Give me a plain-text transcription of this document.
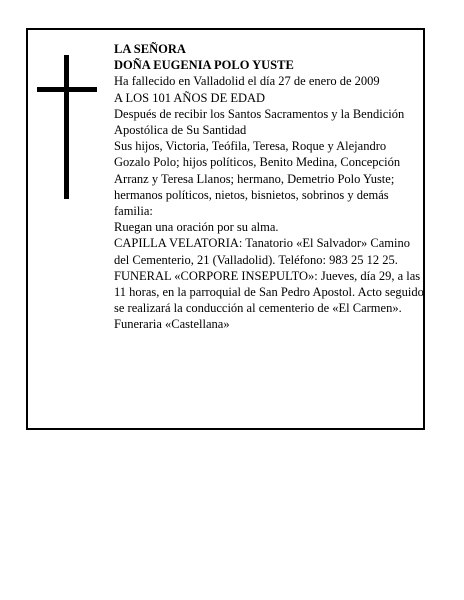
LA SEÑORA

DOÑA EUGENIA POLO YUSTE

Ha fallecido en Valladolid el día 27 de enero de 2009

A LOS 101 AÑOS DE EDAD

Después de recibir los Santos Sacramentos y la Bendición Apostólica de Su Santidad

Sus hijos, Victoria, Teófila, Teresa, Roque y Alejandro Gozalo Polo; hijos políticos, Benito Medina, Concepción Arranz y Teresa Llanos; hermano, Demetrio Polo Yuste; hermanos políticos, nietos, bisnietos, sobrinos y demás familia:

Ruegan una oración por su alma.

CAPILLA VELATORIA: Tanatorio «El Salvador» Camino del Cementerio, 21 (Valladolid). Teléfono: 983 25 12 25.

FUNERAL «CORPORE INSEPULTO»: Jueves, día 29, a las 11 horas, en la parroquial de San Pedro Apostol. Acto seguido se realizará la conducción al cementerio de «El Carmen».

Funeraria «Castellana»
